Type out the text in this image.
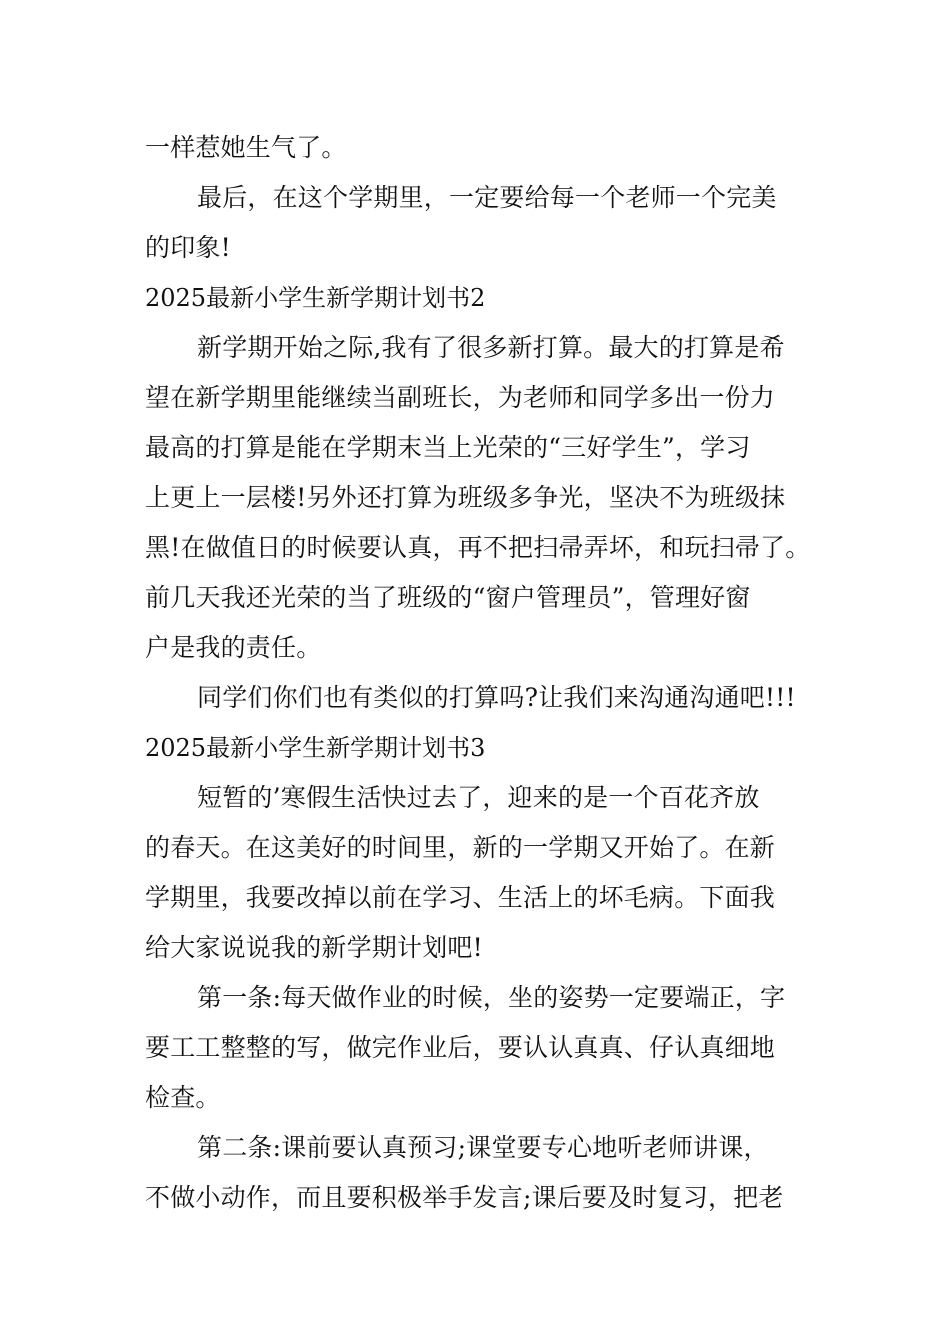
一样惹她生气了。
最后，在这个学期里，一定要给每一个老师一个完美
的印象!
2025最新小学生新学期计划书2
新学期开始之际,我有了很多新打算。最大的打算是希
望在新学期里能继续当副班长，为老师和同学多出一份力
最高的打算是能在学期末当上光荣的“三好学生”，学习
上更上一层楼!另外还打算为班级多争光，坚决不为班级抹
黑!在做值日的时候要认真，再不把扫帚弄坏，和玩扫帚了。
前几天我还光荣的当了班级的“窗户管理员”，管理好窗
户是我的责任。
同学们你们也有类似的打算吗?让我们来沟通沟通吧!!!
2025最新小学生新学期计划书3
短暂的’寒假生活快过去了，迎来的是一个百花齐放
的春天。在这美好的时间里，新的一学期又开始了。在新
学期里，我要改掉以前在学习、生活上的坏毛病。下面我
给大家说说我的新学期计划吧!
第一条:每天做作业的时候，坐的姿势一定要端正，字
要工工整整的写，做完作业后，要认认真真、仔认真细地
检查。
第二条:课前要认真预习;课堂要专心地听老师讲课，
不做小动作，而且要积极举手发言;课后要及时复习，把老
